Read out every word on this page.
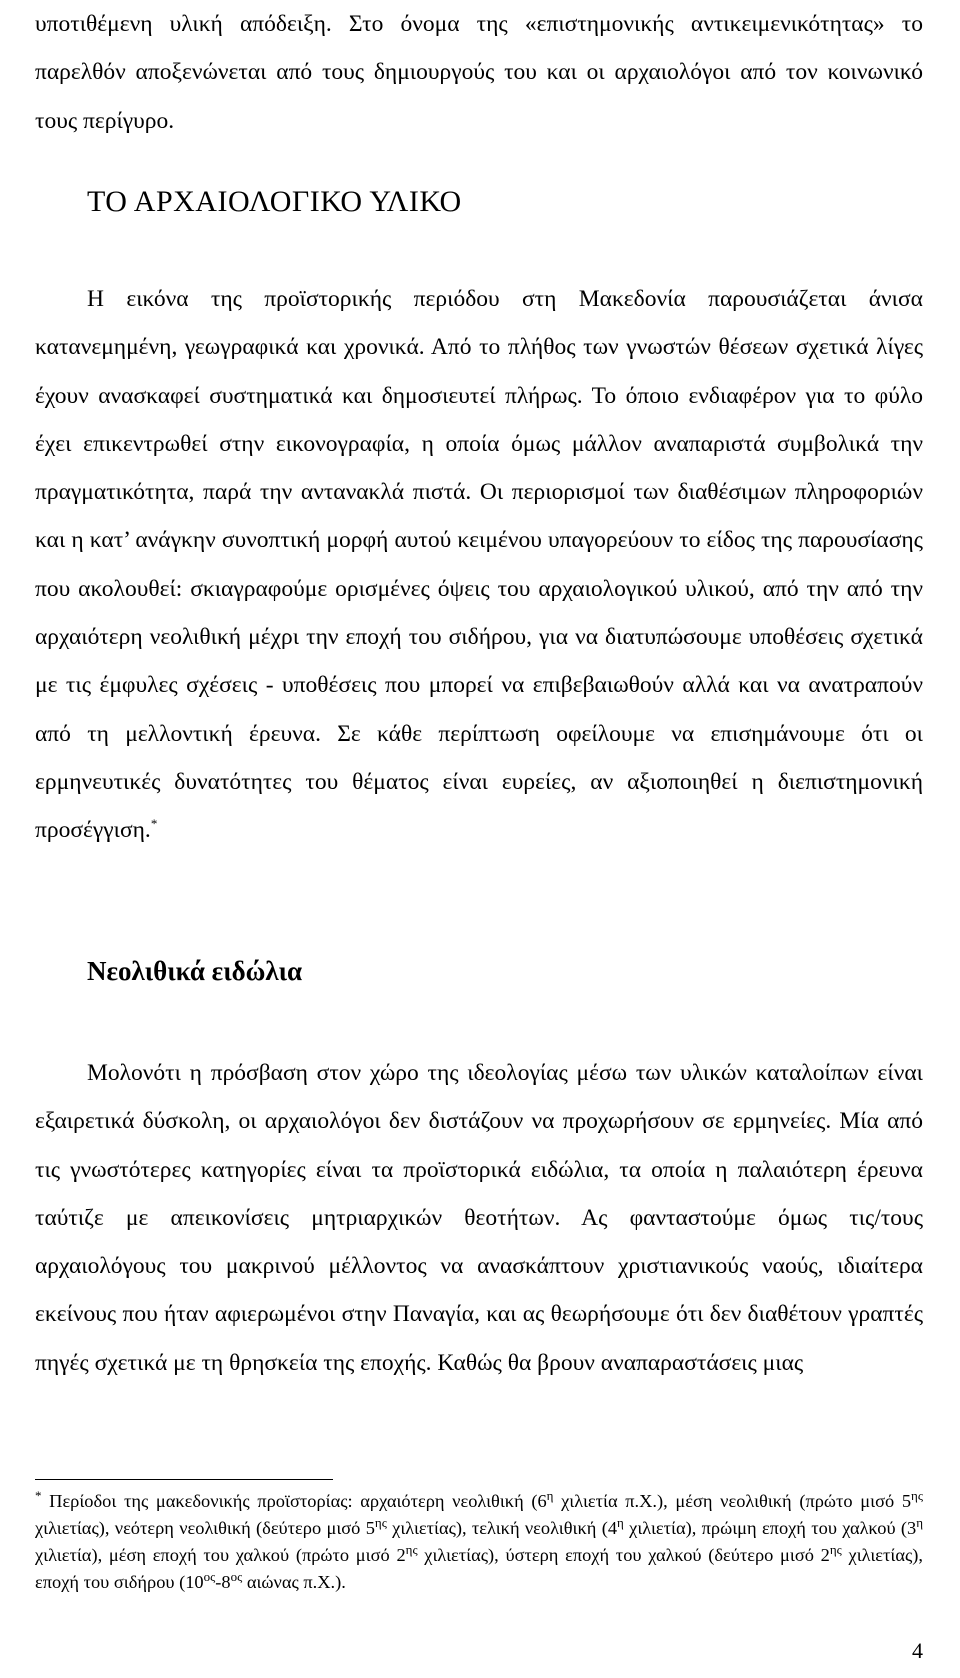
υποτιθέμενη υλική απόδειξη. Στο όνομα της «επιστημονικής αντικειμενικότητας» το παρελθόν αποξενώνεται από τους δημιουργούς του και οι αρχαιολόγοι από τον κοινωνικό τους περίγυρο.

ΤΟ ΑΡΧΑΙΟΛΟΓΙΚΟ ΥΛΙΚΟ

Η εικόνα της προϊστορικής περιόδου στη Μακεδονία παρουσιάζεται άνισα κατανεμημένη, γεωγραφικά και χρονικά. Από το πλήθος των γνωστών θέσεων σχετικά λίγες έχουν ανασκαφεί συστηματικά και δημοσιευτεί πλήρως. Το όποιο ενδιαφέρον για το φύλο έχει επικεντρωθεί στην εικονογραφία, η οποία όμως μάλλον αναπαριστά συμβολικά την πραγματικότητα, παρά την αντανακλά πιστά. Οι περιορισμοί των διαθέσιμων πληροφοριών και η κατ’ ανάγκην συνοπτική μορφή αυτού κειμένου υπαγορεύουν το είδος της παρουσίασης που ακολουθεί: σκιαγραφούμε ορισμένες όψεις του αρχαιολογικού υλικού, από την από την αρχαιότερη νεολιθική μέχρι την εποχή του σιδήρου, για να διατυπώσουμε υποθέσεις σχετικά με τις έμφυλες σχέσεις - υποθέσεις που μπορεί να επιβεβαιωθούν αλλά και να ανατραπούν από τη μελλοντική έρευνα. Σε κάθε περίπτωση οφείλουμε να επισημάνουμε ότι οι ερμηνευτικές δυνατότητες του θέματος είναι ευρείες, αν αξιοποιηθεί η διεπιστημονική προσέγγιση.*

Νεολιθικά ειδώλια

Μολονότι η πρόσβαση στον χώρο της ιδεολογίας μέσω των υλικών καταλοίπων είναι εξαιρετικά δύσκολη, οι αρχαιολόγοι δεν διστάζουν να προχωρήσουν σε ερμηνείες. Μία από τις γνωστότερες κατηγορίες είναι τα προϊστορικά ειδώλια, τα οποία η παλαιότερη έρευνα ταύτιζε με απεικονίσεις μητριαρχικών θεοτήτων. Ας φανταστούμε όμως τις/τους αρχαιολόγους του μακρινού μέλλοντος να ανασκάπτουν χριστιανικούς ναούς, ιδιαίτερα εκείνους που ήταν αφιερωμένοι στην Παναγία, και ας θεωρήσουμε ότι δεν διαθέτουν γραπτές πηγές σχετικά με τη θρησκεία της εποχής. Καθώς θα βρουν αναπαραστάσεις μιας

* Περίοδοι της μακεδονικής προϊστορίας: αρχαιότερη νεολιθική ($6^\eta$ χιλιετία π.Χ.), μέση νεολιθική (πρώτο μισό $5^{\eta\varsigma}$ χιλιετίας), νεότερη νεολιθική (δεύτερο μισό $5^{\eta\varsigma}$ χιλιετίας), τελική νεολιθική ($4^\eta$ χιλιετία), πρώιμη εποχή του χαλκού ($3^\eta$ χιλιετία), μέση εποχή του χαλκού (πρώτο μισό $2^{\eta\varsigma}$ χιλιετίας), ύστερη εποχή του χαλκού (δεύτερο μισό $2^{\eta\varsigma}$ χιλιετίας), εποχή του σιδήρου ($10^{o\varsigma}-8^{o\varsigma}$ αιώνας π.Χ.).

4
